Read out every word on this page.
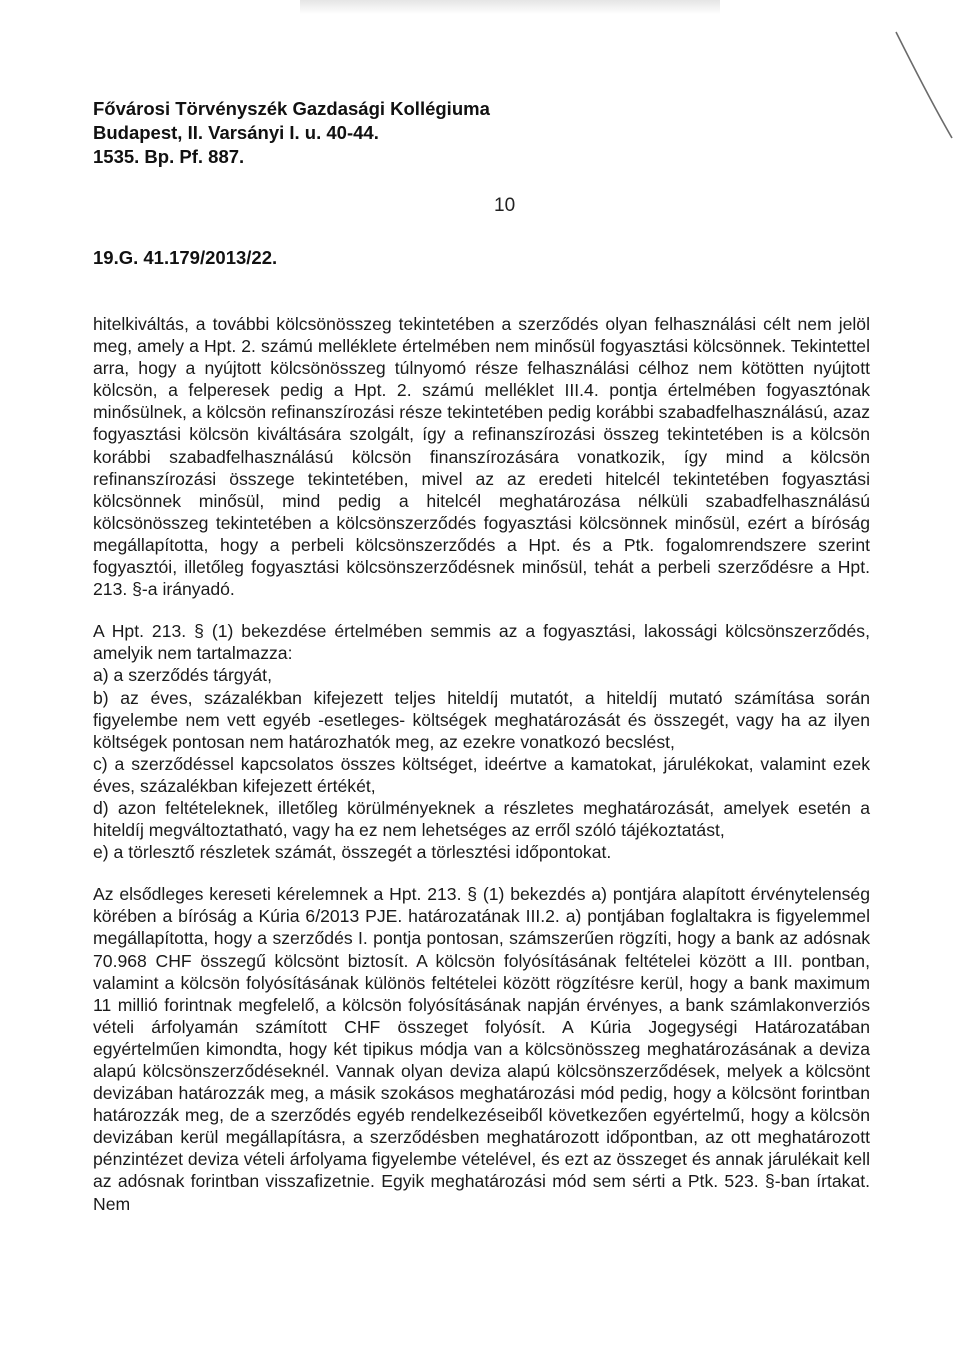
Fővárosi Törvényszék Gazdasági Kollégiuma
Budapest, II. Varsányi I. u. 40-44.
1535. Bp. Pf. 887.
10
19.G. 41.179/2013/22.

hitelkiváltás, a további kölcsönösszeg tekintetében a szerződés olyan felhasználási célt nem jelöl meg, amely a Hpt. 2. számú melléklete értelmében nem minősül fogyasztási kölcsönnek. Tekintettel arra, hogy a nyújtott kölcsönösszeg túlnyomó része felhasználási célhoz nem kötötten nyújtott kölcsön, a felperesek pedig a Hpt. 2. számú melléklet III.4. pontja értelmében fogyasztónak minősülnek, a kölcsön refinanszírozási része tekintetében pedig korábbi szabadfelhasználású, azaz fogyasztási kölcsön kiváltására szolgált, így a refinanszírozási összeg tekintetében is a kölcsön korábbi szabadfelhasználású kölcsön finanszírozására vonatkozik, így mind a kölcsön refinanszírozási összege tekintetében, mivel az az eredeti hitelcél tekintetében fogyasztási kölcsönnek minősül, mind pedig a hitelcél meghatározása nélküli szabadfelhasználású kölcsönösszeg tekintetében a kölcsönszerződés fogyasztási kölcsönnek minősül, ezért a bíróság megállapította, hogy a perbeli kölcsönszerződés a Hpt. és a Ptk. fogalomrendszere szerint fogyasztói, illetőleg fogyasztási kölcsönszerződésnek minősül, tehát a perbeli szerződésre a Hpt. 213. §-a irányadó.

A Hpt. 213. § (1) bekezdése értelmében semmis az a fogyasztási, lakossági kölcsönszerződés, amelyik nem tartalmazza:

a) a szerződés tárgyát,

b) az éves, százalékban kifejezett teljes hiteldíj mutatót, a hiteldíj mutató számítása során figyelembe nem vett egyéb -esetleges- költségek meghatározását és összegét, vagy ha az ilyen költségek pontosan nem határozhatók meg, az ezekre vonatkozó becslést,

c) a szerződéssel kapcsolatos összes költséget, ideértve a kamatokat, járulékokat, valamint ezek éves, százalékban kifejezett értékét,

d) azon feltételeknek, illetőleg körülményeknek a részletes meghatározását, amelyek esetén a hiteldíj megváltoztatható, vagy ha ez nem lehetséges az erről szóló tájékoztatást,

e) a törlesztő részletek számát, összegét a törlesztési időpontokat.

Az elsődleges kereseti kérelemnek a Hpt. 213. § (1) bekezdés a) pontjára alapított érvénytelenség körében a bíróság a Kúria 6/2013 PJE. határozatának III.2. a) pontjában foglaltakra is figyelemmel megállapította, hogy a szerződés I. pontja pontosan, számszerűen rögzíti, hogy a bank az adósnak 70.968 CHF összegű kölcsönt biztosít. A kölcsön folyósításának feltételei között a III. pontban, valamint a kölcsön folyósításának különös feltételei között rögzítésre kerül, hogy a bank maximum 11 millió forintnak megfelelő, a kölcsön folyósításának napján érvényes, a bank számlakonverziós vételi árfolyamán számított CHF összeget folyósít. A Kúria Jogegységi Határozatában egyértelműen kimondta, hogy két tipikus módja van a kölcsönösszeg meghatározásának a deviza alapú kölcsönszerződéseknél. Vannak olyan deviza alapú kölcsönszerződések, melyek a kölcsönt devizában határozzák meg, a másik szokásos meghatározási mód pedig, hogy a kölcsönt forintban határozzák meg, de a szerződés egyéb rendelkezéseiből következően egyértelmű, hogy a kölcsön devizában kerül megállapításra, a szerződésben meghatározott időpontban, az ott meghatározott pénzintézet deviza vételi árfolyama figyelembe vételével, és ezt az összeget és annak járulékait kell az adósnak forintban visszafizetnie. Egyik meghatározási mód sem sérti a Ptk. 523. §-ban írtakat. Nem
